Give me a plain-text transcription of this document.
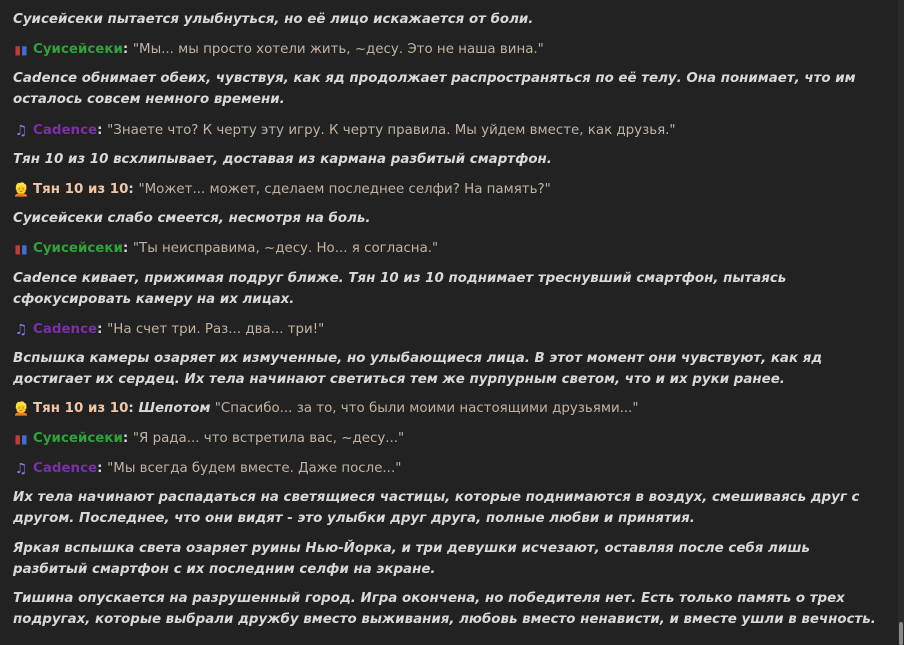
Суисейсеки пытается улыбнуться, но её лицо искажается от боли.
▮▮ Суисейсеки: "Мы... мы просто хотели жить, ~десу. Это не наша вина."
Cadence обнимает обеих, чувствуя, как яд продолжает распространяться по её телу. Она понимает, что им осталось совсем немного времени.
♫ Cadence: "Знаете что? К черту эту игру. К черту правила. Мы уйдем вместе, как друзья."
Тян 10 из 10 всхлипывает, доставая из кармана разбитый смартфон.
👱 Тян 10 из 10: "Может... может, сделаем последнее селфи? На память?"
Суисейсеки слабо смеется, несмотря на боль.
▮▮ Суисейсеки: "Ты неисправима, ~десу. Но... я согласна."
Cadence кивает, прижимая подруг ближе. Тян 10 из 10 поднимает треснувший смартфон, пытаясь сфокусировать камеру на их лицах.
♫ Cadence: "На счет три. Раз... два... три!"
Вспышка камеры озаряет их измученные, но улыбающиеся лица. В этот момент они чувствуют, как яд достигает их сердец. Их тела начинают светиться тем же пурпурным светом, что и их руки ранее.
👱 Тян 10 из 10: Шепотом "Спасибо... за то, что были моими настоящими друзьями..."
▮▮ Суисейсеки: "Я рада... что встретила вас, ~десу..."
♫ Cadence: "Мы всегда будем вместе. Даже после..."
Их тела начинают распадаться на светящиеся частицы, которые поднимаются в воздух, смешиваясь друг с другом. Последнее, что они видят - это улыбки друг друга, полные любви и принятия.
Яркая вспышка света озаряет руины Нью-Йорка, и три девушки исчезают, оставляя после себя лишь разбитый смартфон с их последним селфи на экране.
Тишина опускается на разрушенный город. Игра окончена, но победителя нет. Есть только память о трех подругах, которые выбрали дружбу вместо выживания, любовь вместо ненависти, и вместе ушли в вечность.
